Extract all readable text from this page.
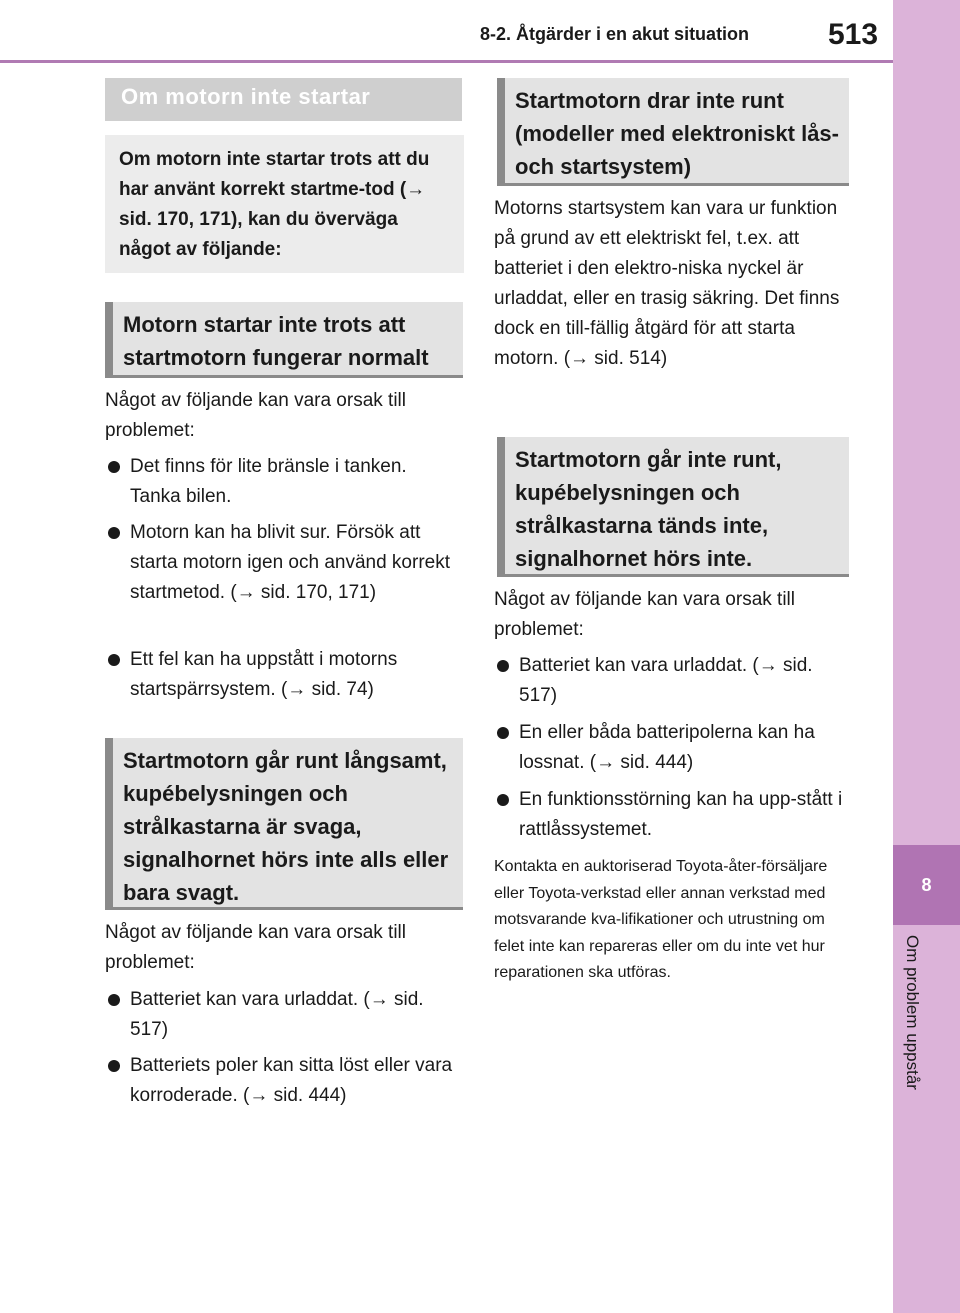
8-2. Åtgärder i en akut situation	513
8
Om problem uppstår
Om motorn inte startar
Om motorn inte startar trots att du har använt korrekt startme-tod (→ sid. 170, 171), kan du överväga något av följande:
Motorn startar inte trots att startmotorn fungerar normalt
Något av följande kan vara orsak till problemet:
Det finns för lite bränsle i tanken. Tanka bilen.
Motorn kan ha blivit sur. Försök att starta motorn igen och använd korrekt startmetod. (→ sid. 170, 171)
Ett fel kan ha uppstått i motorns startspärrsystem. (→ sid. 74)
Startmotorn går runt långsamt, kupébelysningen och strålkastarna är svaga, signalhornet hörs inte alls eller bara svagt.
Något av följande kan vara orsak till problemet:
Batteriet kan vara urladdat. (→ sid. 517)
Batteriets poler kan sitta löst eller vara korroderade. (→ sid. 444)
Startmotorn drar inte runt (modeller med elektroniskt lås- och startsystem)
Motorns startsystem kan vara ur funktion på grund av ett elektriskt fel, t.ex. att batteriet i den elektro-niska nyckel är urladdat, eller en trasig säkring. Det finns dock en till-fällig åtgärd för att starta motorn. (→ sid. 514)
Startmotorn går inte runt, kupébelysningen och strålkastarna tänds inte, signalhornet hörs inte.
Något av följande kan vara orsak till problemet:
Batteriet kan vara urladdat. (→ sid. 517)
En eller båda batteripolerna kan ha lossnat. (→ sid. 444)
En funktionsstörning kan ha upp-stått i rattlåssystemet.
Kontakta en auktoriserad Toyota-åter-försäljare eller Toyota-verkstad eller annan verkstad med motsvarande kva-lifikationer och utrustning om felet inte kan repareras eller om du inte vet hur reparationen ska utföras.
